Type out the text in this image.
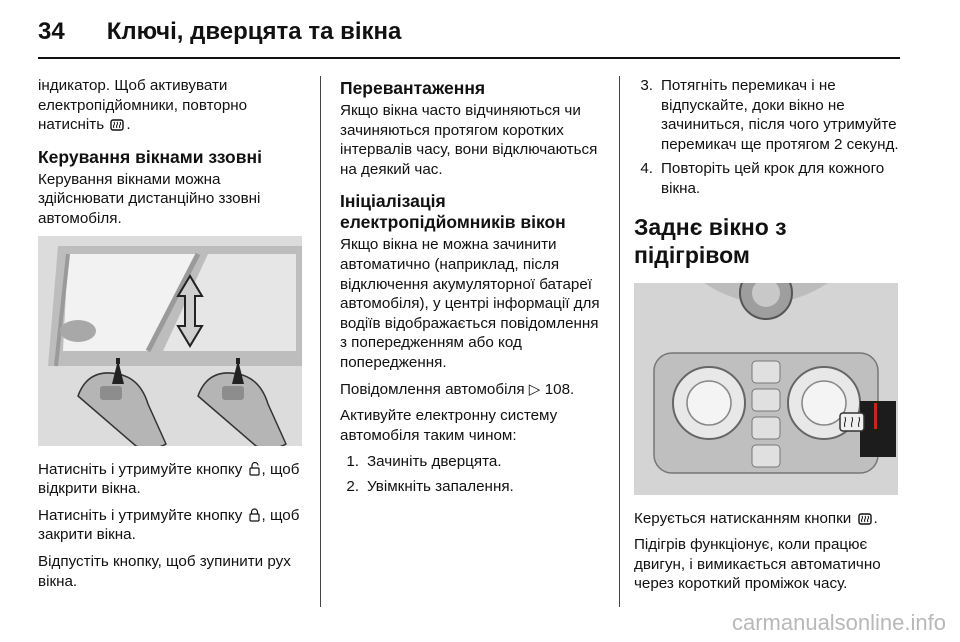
34 Ключі, дверцята та вікна

індикатор. Щоб активувати електропідйомники, повторно натисніть .

Керування вікнами ззовні

Керування вікнами можна здійснювати дистанційно ззовні автомобіля.

Натисніть і утримуйте кнопку , щоб відкрити вікна.

Натисніть і утримуйте кнопку , щоб закрити вікна.

Відпустіть кнопку, щоб зупинити рух вікна.

Перевантаження

Якщо вікна часто відчиняються чи зачиняються протягом коротких інтервалів часу, вони відключаються на деякий час.

Ініціалізація електропідйомників вікон

Якщо вікна не можна зачинити автоматично (наприклад, після відключення акумуляторної батареї автомобіля), у центрі інформації для водіїв відображається повідомлення з попередженням або код попередження.

Повідомлення автомобіля ▷ 108.

Активуйте електронну систему автомобіля таким чином:

1. Зачиніть дверцята.
2. Увімкніть запалення.
3. Потягніть перемикач і не відпускайте, доки вікно не зачиниться, після чого утримуйте перемикач ще протягом 2 секунд.
4. Повторіть цей крок для кожного вікна.
Заднє вікно з підігрівом

Керується натисканням кнопки .

Підігрів функціонує, коли працює двигун, і вимикається автоматично через короткий проміжок часу.

carmanualsonline.info
